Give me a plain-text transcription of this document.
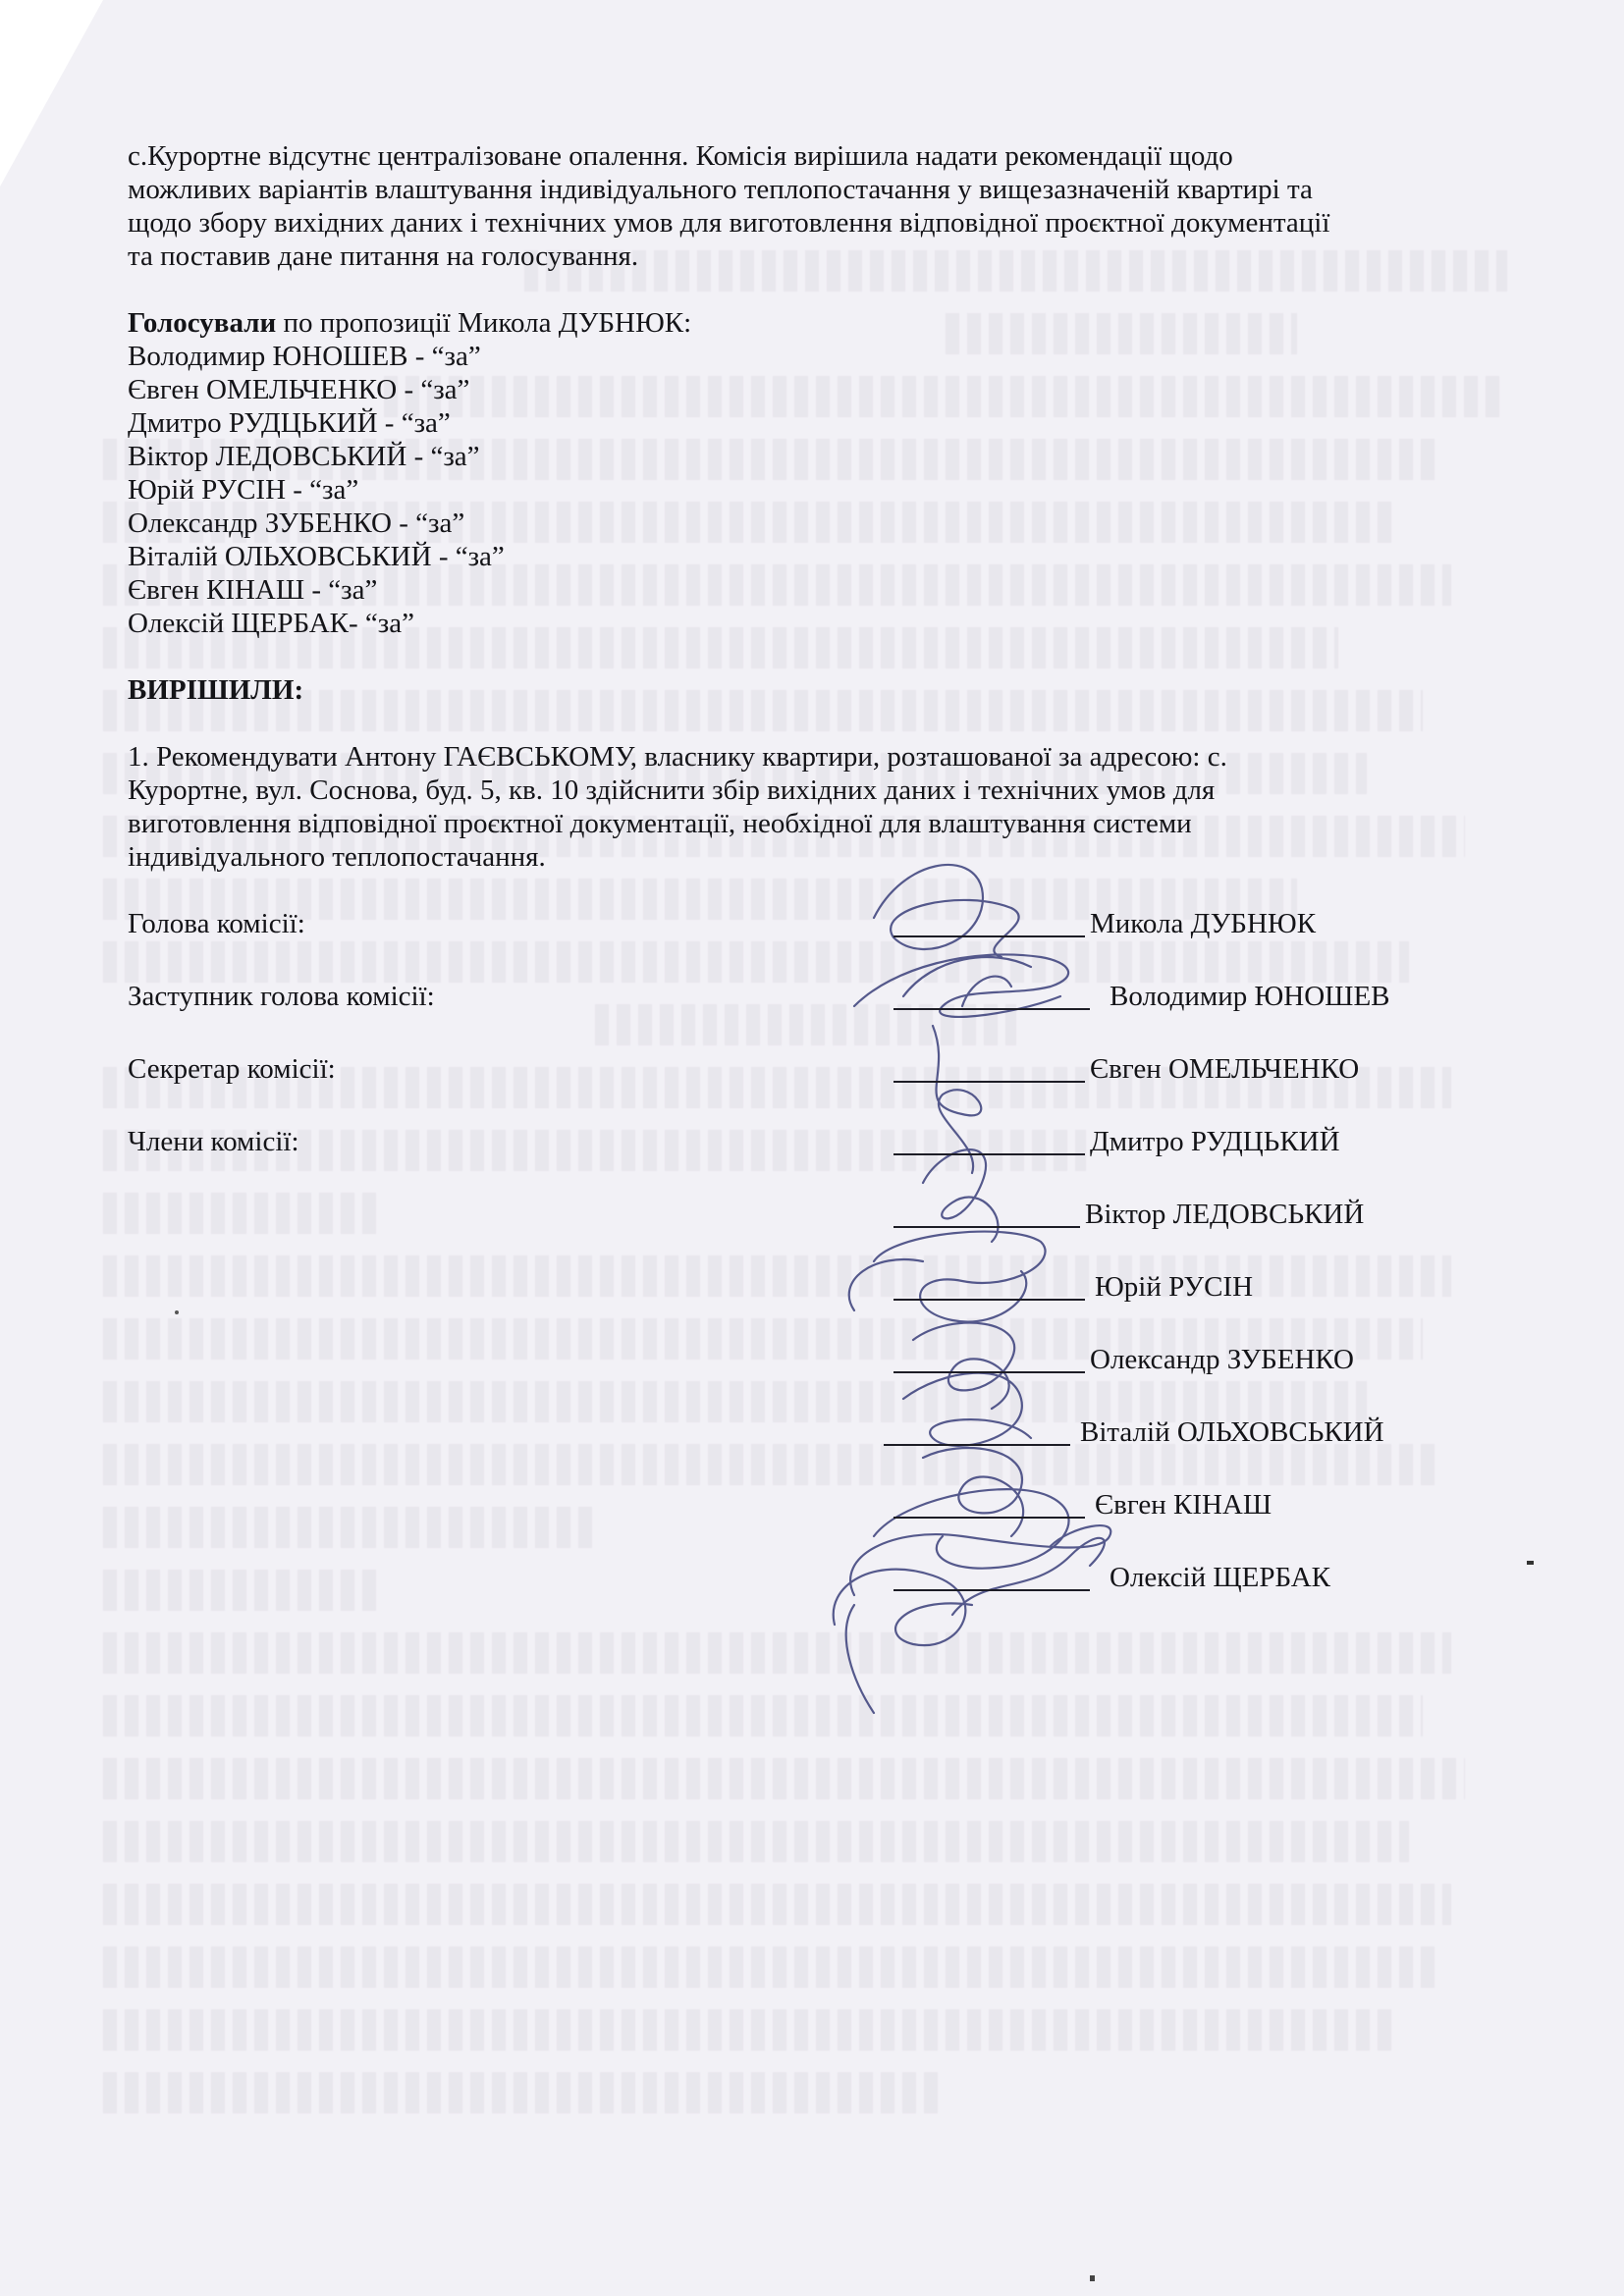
с.Курортне відсутнє централізоване опалення. Комісія вирішила надати рекомендації щодо
можливих варіантів влаштування індивідуального теплопостачання у вищезазначеній квартирі та
щодо збору вихідних даних і технічних умов для виготовлення відповідної проєктної документації
та поставив дане питання на голосування.
Голосували по пропозиції Микола ДУБНЮК:
Володимир ЮНОШЕВ - “за”
Євген ОМЕЛЬЧЕНКО - “за”
Дмитро РУДЦЬКИЙ - “за”
Віктор ЛЕДОВСЬКИЙ - “за”
Юрій РУСІН - “за”
Олександр ЗУБЕНКО - “за”
Віталій ОЛЬХОВСЬКИЙ - “за”
Євген КІНАШ - “за”
Олексій ЩЕРБАК- “за”
ВИРІШИЛИ:
1. Рекомендувати Антону ГАЄВСЬКОМУ, власнику квартири, розташованої за адресою: с.
Курортне, вул. Соснова, буд. 5, кв. 10 здійснити збір вихідних даних і технічних умов для
виготовлення відповідної проєктної документації, необхідної для влаштування системи
індивідуального теплопостачання.
Голова комісії:	Микола ДУБНЮК
Заступник голова комісії:	Володимир ЮНОШЕВ
Секретар комісії:	Євген ОМЕЛЬЧЕНКО
Члени комісії:	Дмитро РУДЦЬКИЙ
Віктор ЛЕДОВСЬКИЙ
Юрій РУСІН
Олександр ЗУБЕНКО
Віталій ОЛЬХОВСЬКИЙ
Євген КІНАШ
Олексій ЩЕРБАК
